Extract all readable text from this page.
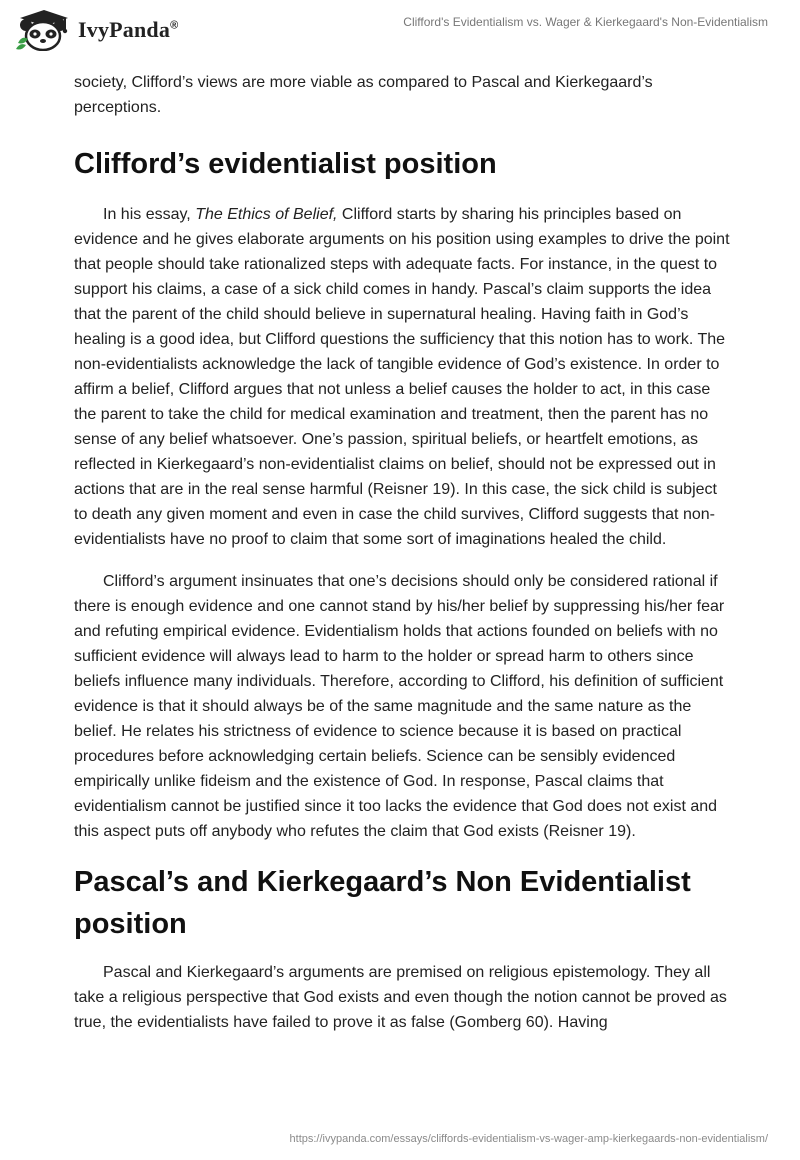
IvyPanda®	Clifford's Evidentialism vs. Wager & Kierkegaard's Non-Evidentialism

society, Clifford’s views are more viable as compared to Pascal and Kierkegaard’s perceptions.

Clifford’s evidentialist position

In his essay, The Ethics of Belief, Clifford starts by sharing his principles based on evidence and he gives elaborate arguments on his position using examples to drive the point that people should take rationalized steps with adequate facts. For instance, in the quest to support his claims, a case of a sick child comes in handy. Pascal’s claim supports the idea that the parent of the child should believe in supernatural healing. Having faith in God’s healing is a good idea, but Clifford questions the sufficiency that this notion has to work. The non-evidentialists acknowledge the lack of tangible evidence of God’s existence. In order to affirm a belief, Clifford argues that not unless a belief causes the holder to act, in this case the parent to take the child for medical examination and treatment, then the parent has no sense of any belief whatsoever. One’s passion, spiritual beliefs, or heartfelt emotions, as reflected in Kierkegaard’s non-evidentialist claims on belief, should not be expressed out in actions that are in the real sense harmful (Reisner 19). In this case, the sick child is subject to death any given moment and even in case the child survives, Clifford suggests that non-evidentialists have no proof to claim that some sort of imaginations healed the child.

Clifford’s argument insinuates that one’s decisions should only be considered rational if there is enough evidence and one cannot stand by his/her belief by suppressing his/her fear and refuting empirical evidence. Evidentialism holds that actions founded on beliefs with no sufficient evidence will always lead to harm to the holder or spread harm to others since beliefs influence many individuals. Therefore, according to Clifford, his definition of sufficient evidence is that it should always be of the same magnitude and the same nature as the belief. He relates his strictness of evidence to science because it is based on practical procedures before acknowledging certain beliefs. Science can be sensibly evidenced empirically unlike fideism and the existence of God. In response, Pascal claims that evidentialism cannot be justified since it too lacks the evidence that God does not exist and this aspect puts off anybody who refutes the claim that God exists (Reisner 19).

Pascal’s and Kierkegaard’s Non Evidentialist position

Pascal and Kierkegaard’s arguments are premised on religious epistemology. They all take a religious perspective that God exists and even though the notion cannot be proved as true, the evidentialists have failed to prove it as false (Gomberg 60). Having

https://ivypanda.com/essays/cliffords-evidentialism-vs-wager-amp-kierkegaards-non-evidentialism/
